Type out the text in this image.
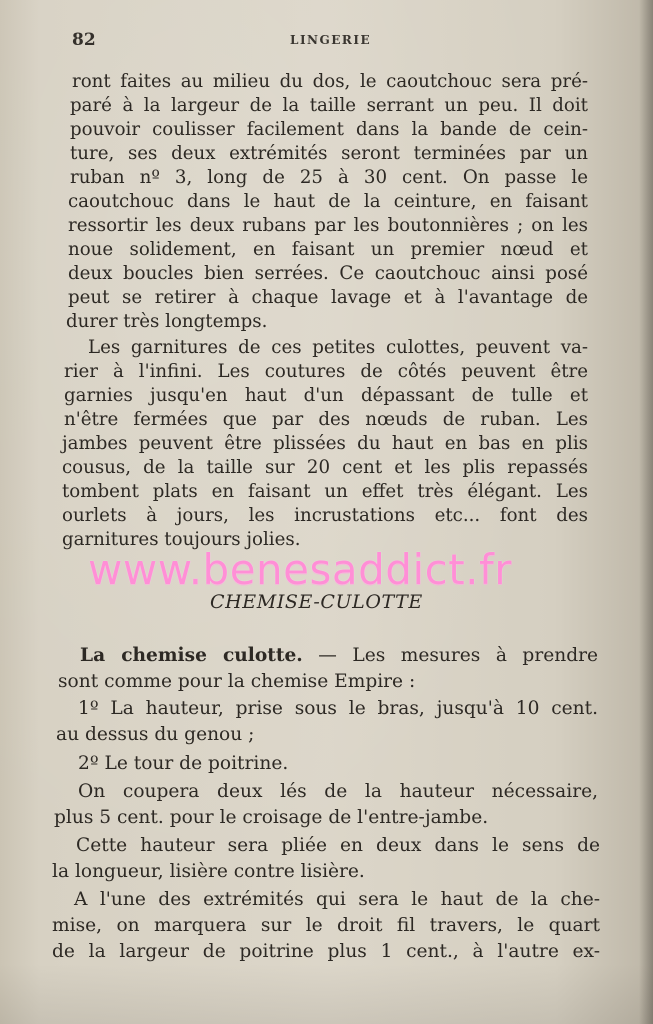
82	LINGERIE

ront faites au milieu du dos, le caoutchouc sera pré-

paré à la largeur de la taille serrant un peu. Il doit

pouvoir coulisser facilement dans la bande de cein-

ture, ses deux extrémités seront terminées par un

ruban nº 3, long de 25 à 30 cent. On passe le

caoutchouc dans le haut de la ceinture, en faisant

ressortir les deux rubans par les boutonnières ; on les

noue solidement, en faisant un premier nœud et

deux boucles bien serrées. Ce caoutchouc ainsi posé

peut se retirer à chaque lavage et à l'avantage de

durer très longtemps.

Les garnitures de ces petites culottes, peuvent va-

rier à l'infini. Les coutures de côtés peuvent être

garnies jusqu'en haut d'un dépassant de tulle et

n'être fermées que par des nœuds de ruban. Les

jambes peuvent être plissées du haut en bas en plis

cousus, de la taille sur 20 cent et les plis repassés

tombent plats en faisant un effet très élégant. Les

ourlets à jours, les incrustations etc... font des

garnitures toujours jolies.

www.benesaddict.fr
CHEMISE-CULOTTE

La chemise culotte. — Les mesures à prendre

sont comme pour la chemise Empire :

1º La hauteur, prise sous le bras, jusqu'à 10 cent.

au dessus du genou ;

2º Le tour de poitrine.

On coupera deux lés de la hauteur nécessaire,

plus 5 cent. pour le croisage de l'entre-jambe.

Cette hauteur sera pliée en deux dans le sens de

la longueur, lisière contre lisière.

A l'une des extrémités qui sera le haut de la che-

mise, on marquera sur le droit fil travers, le quart

de la largeur de poitrine plus 1 cent., à l'autre ex-
